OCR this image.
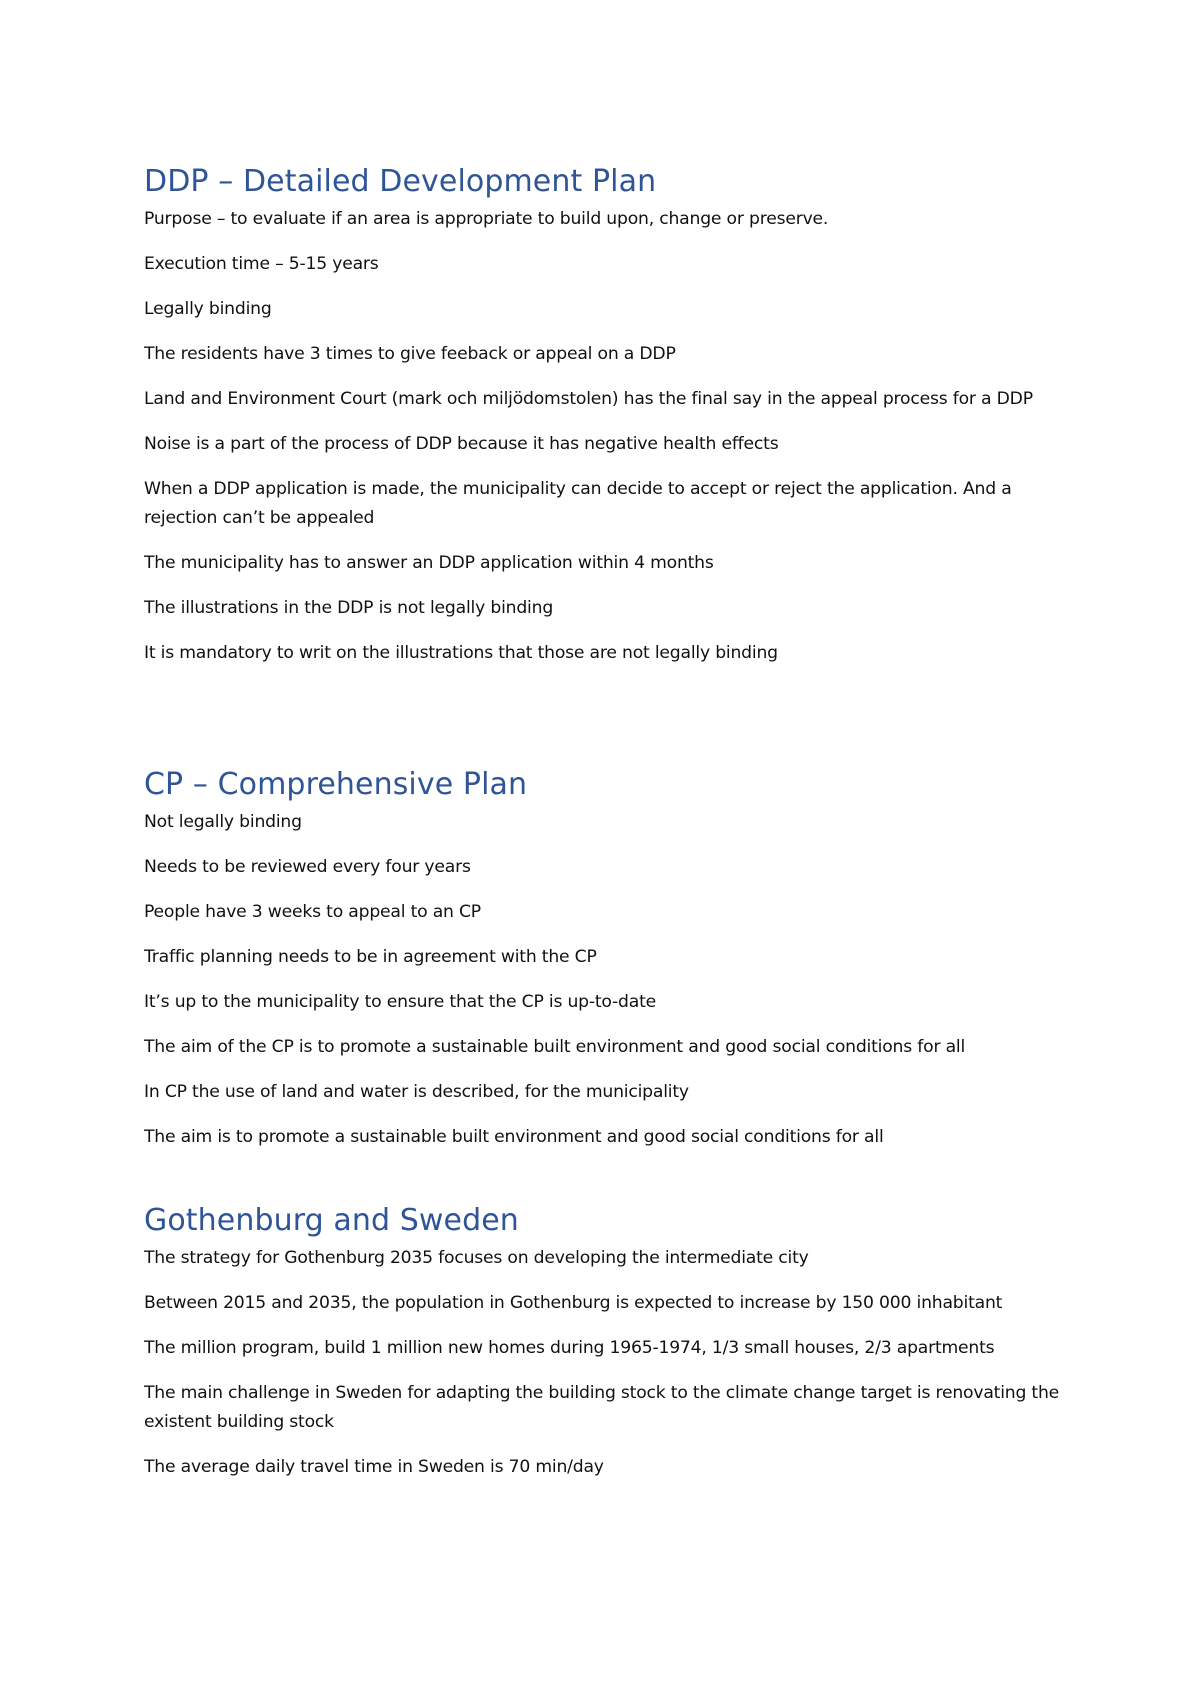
DDP – Detailed Development Plan

Purpose – to evaluate if an area is appropriate to build upon, change or preserve.

Execution time – 5-15 years

Legally binding

The residents have 3 times to give feeback or appeal on a DDP

Land and Environment Court (mark och miljödomstolen) has the final say in the appeal process for a DDP

Noise is a part of the process of DDP because it has negative health effects

When a DDP application is made, the municipality can decide to accept or reject the application. And a rejection can’t be appealed

The municipality has to answer an DDP application within 4 months

The illustrations in the DDP is not legally binding

It is mandatory to writ on the illustrations that those are not legally binding

CP – Comprehensive Plan

Not legally binding

Needs to be reviewed every four years

People have 3 weeks to appeal to an CP

Traffic planning needs to be in agreement with the CP

It’s up to the municipality to ensure that the CP is up-to-date

The aim of the CP is to promote a sustainable built environment and good social conditions for all

In CP the use of land and water is described, for the municipality

The aim is to promote a sustainable built environment and good social conditions for all

Gothenburg and Sweden

The strategy for Gothenburg 2035 focuses on developing the intermediate city

Between 2015 and 2035, the population in Gothenburg is expected to increase by 150 000 inhabitant

The million program, build 1 million new homes during 1965-1974, 1/3 small houses, 2/3 apartments

The main challenge in Sweden for adapting the building stock to the climate change target is renovating the existent building stock

The average daily travel time in Sweden is 70 min/day
